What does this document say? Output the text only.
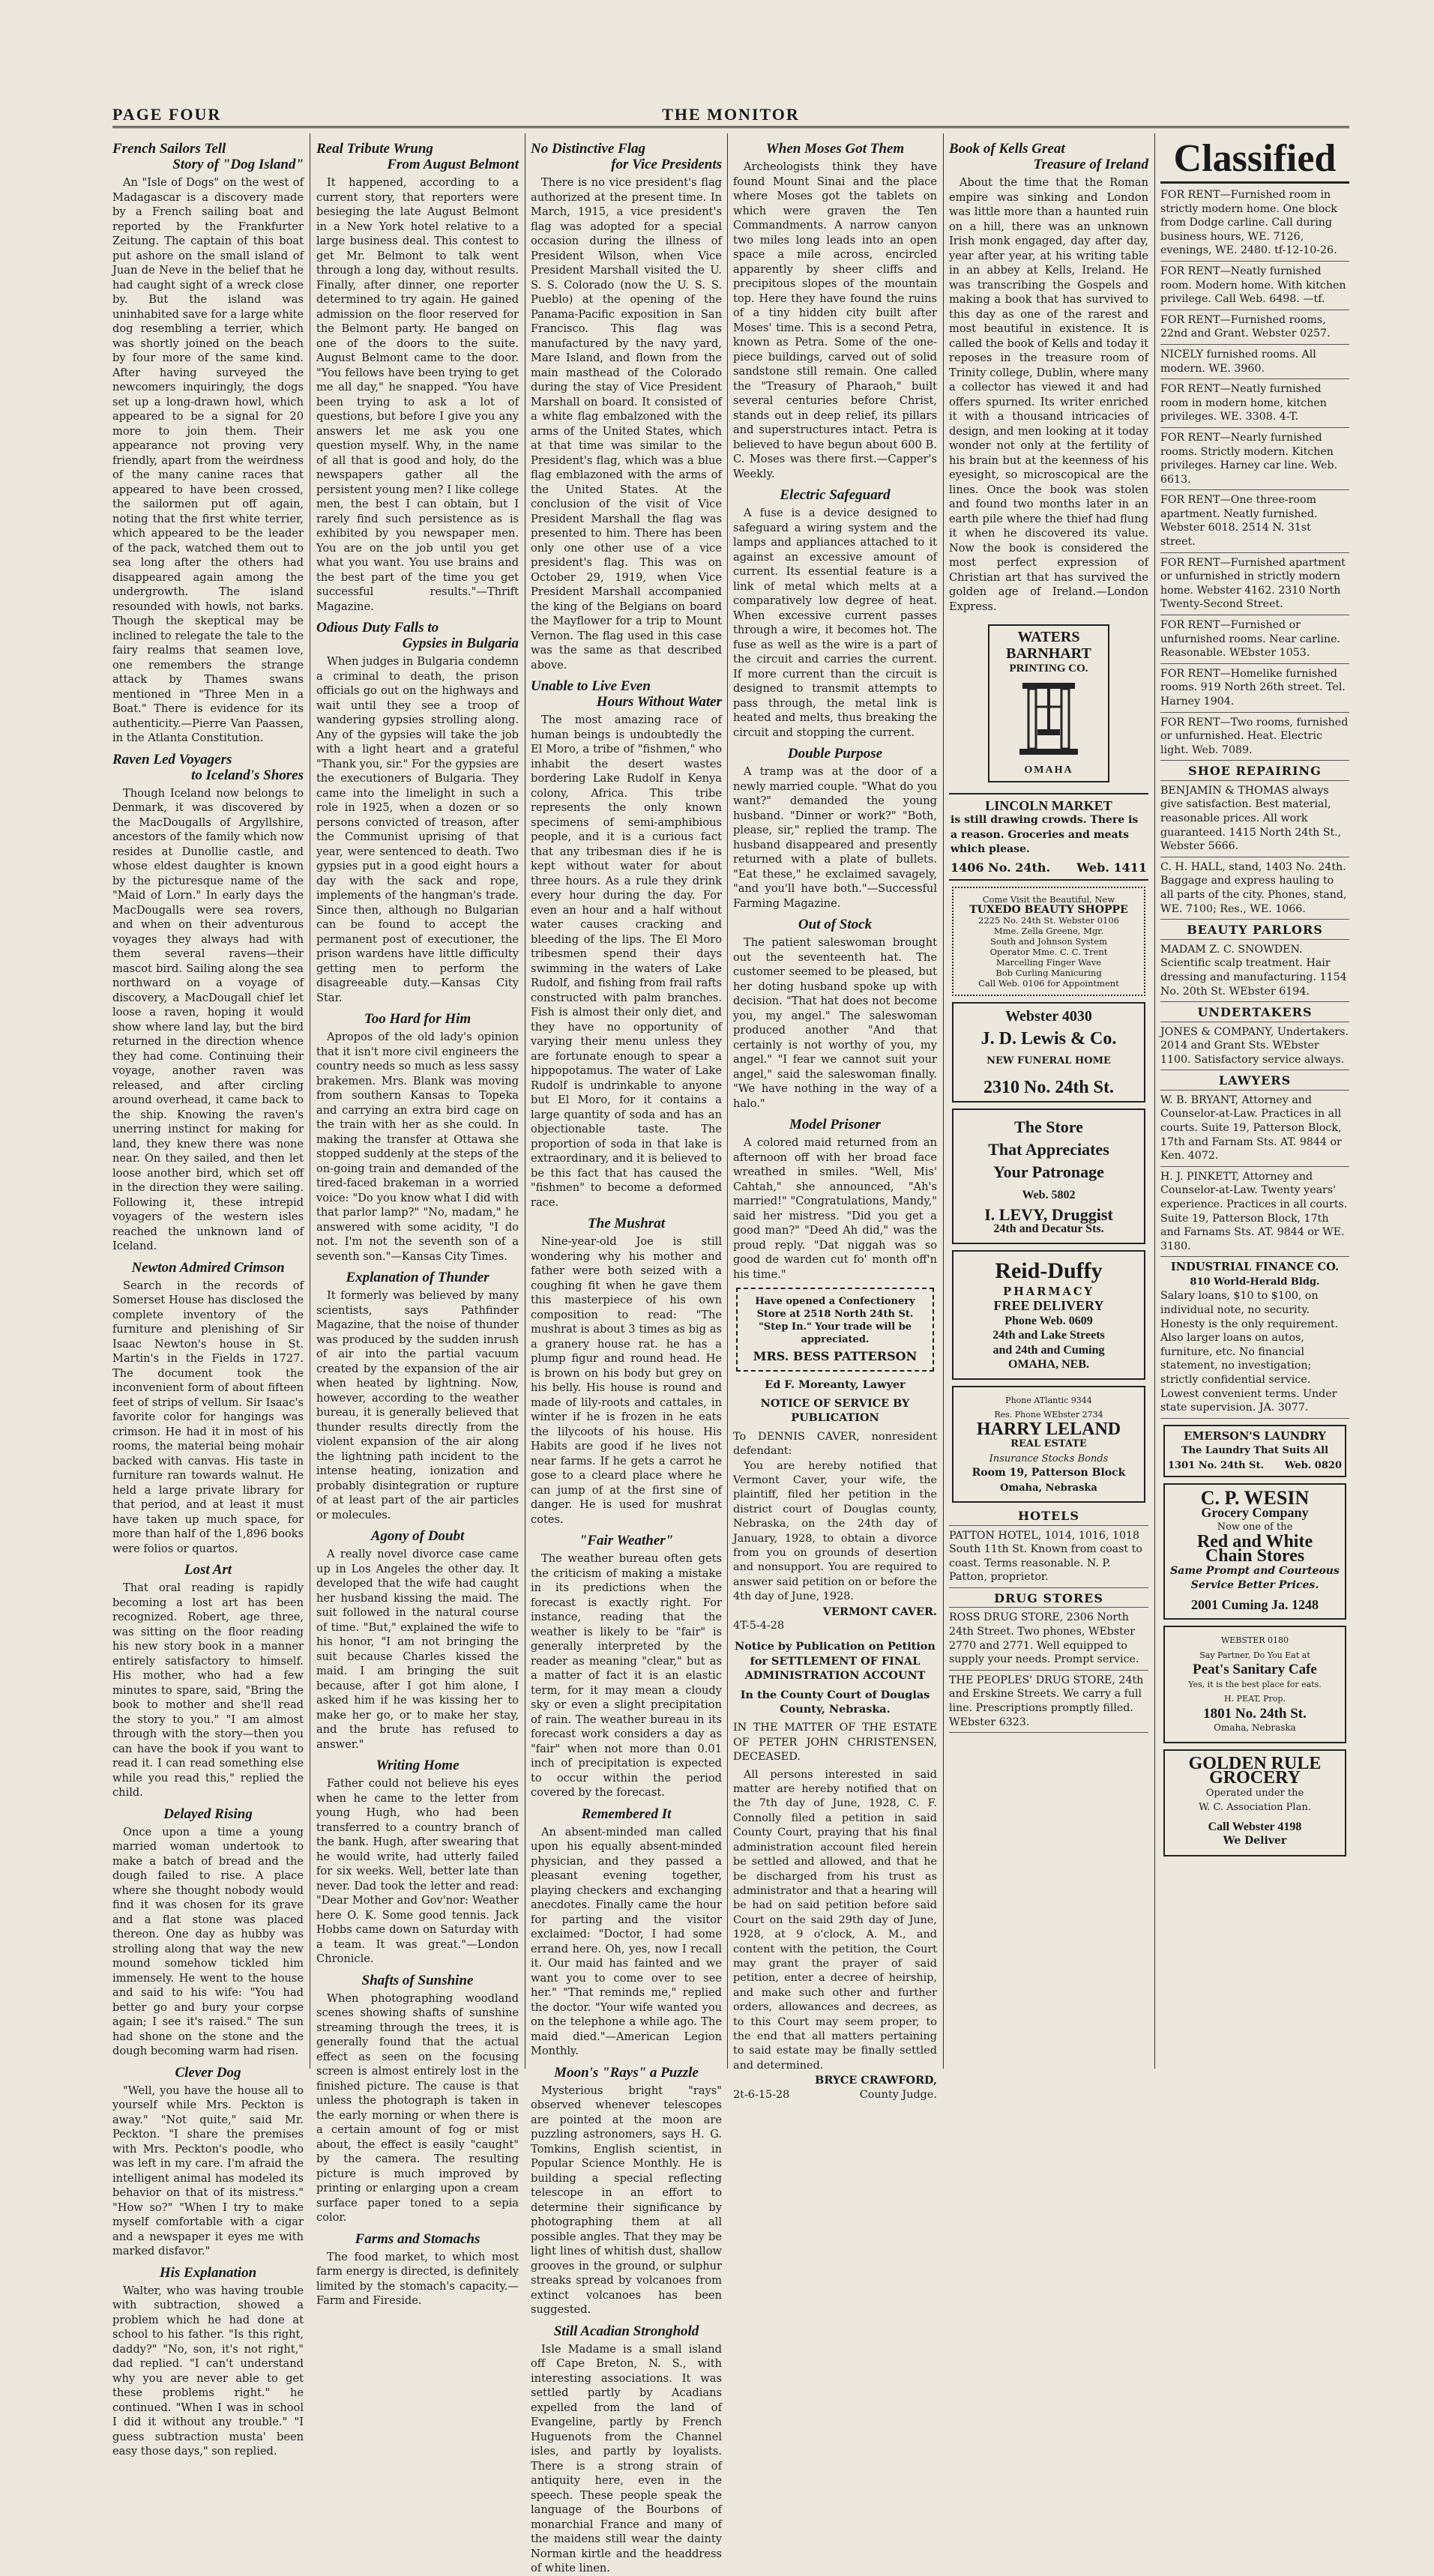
PAGE FOUR	THE MONITOR
French Sailors Tell
Story of "Dog Island"

An "Isle of Dogs" on the west of Madagascar is a discovery made by a French sailing boat and reported by the Frankfurter Zeitung. The captain of this boat put ashore on the small island of Juan de Neve in the belief that he had caught sight of a wreck close by. But the island was uninhabited save for a large white dog resembling a terrier, which was shortly joined on the beach by four more of the same kind. After having surveyed the newcomers inquiringly, the dogs set up a long-drawn howl, which appeared to be a signal for 20 more to join them. Their appearance not proving very friendly, apart from the weirdness of the many canine races that appeared to have been crossed, the sailormen put off again, noting that the first white terrier, which appeared to be the leader of the pack, watched them out to sea long after the others had disappeared again among the undergrowth. The island resounded with howls, not barks. Though the skeptical may be inclined to relegate the tale to the fairy realms that seamen love, one remembers the strange attack by Thames swans mentioned in "Three Men in a Boat." There is evidence for its authenticity.—Pierre Van Paassen, in the Atlanta Constitution.

Raven Led Voyagers
to Iceland's Shores

Though Iceland now belongs to Denmark, it was discovered by the MacDougalls of Argyllshire, ancestors of the family which now resides at Dunollie castle, and whose eldest daughter is known by the picturesque name of the "Maid of Lorn." In early days the MacDougalls were sea rovers, and when on their adventurous voyages they always had with them several ravens—their mascot bird. Sailing along the sea northward on a voyage of discovery, a MacDougall chief let loose a raven, hoping it would show where land lay, but the bird returned in the direction whence they had come. Continuing their voyage, another raven was released, and after circling around overhead, it came back to the ship. Knowing the raven's unerring instinct for making for land, they knew there was none near. On they sailed, and then let loose another bird, which set off in the direction they were sailing. Following it, these intrepid voyagers of the western isles reached the unknown land of Iceland.

Newton Admired Crimson

Search in the records of Somerset House has disclosed the complete inventory of the furniture and plenishing of Sir Isaac Newton's house in St. Martin's in the Fields in 1727. The document took the inconvenient form of about fifteen feet of strips of vellum. Sir Isaac's favorite color for hangings was crimson. He had it in most of his rooms, the material being mohair backed with canvas. His taste in furniture ran towards walnut. He held a large private library for that period, and at least it must have taken up much space, for more than half of the 1,896 books were folios or quartos.

Lost Art

That oral reading is rapidly becoming a lost art has been recognized. Robert, age three, was sitting on the floor reading his new story book in a manner entirely satisfactory to himself. His mother, who had a few minutes to spare, said, "Bring the book to mother and she'll read the story to you." "I am almost through with the story—then you can have the book if you want to read it. I can read something else while you read this," replied the child.

Delayed Rising

Once upon a time a young married woman undertook to make a batch of bread and the dough failed to rise. A place where she thought nobody would find it was chosen for its grave and a flat stone was placed thereon. One day as hubby was strolling along that way the new mound somehow tickled him immensely. He went to the house and said to his wife: "You had better go and bury your corpse again; I see it's raised." The sun had shone on the stone and the dough becoming warm had risen.

Clever Dog

"Well, you have the house all to yourself while Mrs. Peckton is away." "Not quite," said Mr. Peckton. "I share the premises with Mrs. Peckton's poodle, who was left in my care. I'm afraid the intelligent animal has modeled its behavior on that of its mistress." "How so?" "When I try to make myself comfortable with a cigar and a newspaper it eyes me with marked disfavor."

His Explanation

Walter, who was having trouble with subtraction, showed a problem which he had done at school to his father. "Is this right, daddy?" "No, son, it's not right," dad replied. "I can't understand why you are never able to get these problems right." he continued. "When I was in school I did it without any trouble." "I guess subtraction musta' been easy those days," son replied.

Real Tribute Wrung
From August Belmont

It happened, according to a current story, that reporters were besieging the late August Belmont in a New York hotel relative to a large business deal. This contest to get Mr. Belmont to talk went through a long day, without results. Finally, after dinner, one reporter determined to try again. He gained admission on the floor reserved for the Belmont party. He banged on one of the doors to the suite. August Belmont came to the door. "You fellows have been trying to get me all day," he snapped. "You have been trying to ask a lot of questions, but before I give you any answers let me ask you one question myself. Why, in the name of all that is good and holy, do the newspapers gather all the persistent young men? I like college men, the best I can obtain, but I rarely find such persistence as is exhibited by you newspaper men. You are on the job until you get what you want. You use brains and the best part of the time you get successful results."—Thrift Magazine.

Odious Duty Falls to
Gypsies in Bulgaria

When judges in Bulgaria condemn a criminal to death, the prison officials go out on the highways and wait until they see a troop of wandering gypsies strolling along. Any of the gypsies will take the job with a light heart and a grateful "Thank you, sir." For the gypsies are the executioners of Bulgaria. They came into the limelight in such a role in 1925, when a dozen or so persons convicted of treason, after the Communist uprising of that year, were sentenced to death. Two gypsies put in a good eight hours a day with the sack and rope, implements of the hangman's trade. Since then, although no Bulgarian can be found to accept the permanent post of executioner, the prison wardens have little difficulty getting men to perform the disagreeable duty.—Kansas City Star.

Too Hard for Him

Apropos of the old lady's opinion that it isn't more civil engineers the country needs so much as less sassy brakemen. Mrs. Blank was moving from southern Kansas to Topeka and carrying an extra bird cage on the train with her as she could. In making the transfer at Ottawa she stopped suddenly at the steps of the on-going train and demanded of the tired-faced brakeman in a worried voice: "Do you know what I did with that parlor lamp?" "No, madam," he answered with some acidity, "I do not. I'm not the seventh son of a seventh son."—Kansas City Times.

Explanation of Thunder

It formerly was believed by many scientists, says Pathfinder Magazine, that the noise of thunder was produced by the sudden inrush of air into the partial vacuum created by the expansion of the air when heated by lightning. Now, however, according to the weather bureau, it is generally believed that thunder results directly from the violent expansion of the air along the lightning path incident to the intense heating, ionization and probably disintegration or rupture of at least part of the air particles or molecules.

Agony of Doubt

A really novel divorce case came up in Los Angeles the other day. It developed that the wife had caught her husband kissing the maid. The suit followed in the natural course of time. "But," explained the wife to his honor, "I am not bringing the suit because Charles kissed the maid. I am bringing the suit because, after I got him alone, I asked him if he was kissing her to make her go, or to make her stay, and the brute has refused to answer."

Writing Home

Father could not believe his eyes when he came to the letter from young Hugh, who had been transferred to a country branch of the bank. Hugh, after swearing that he would write, had utterly failed for six weeks. Well, better late than never. Dad took the letter and read: "Dear Mother and Gov'nor: Weather here O. K. Some good tennis. Jack Hobbs came down on Saturday with a team. It was great."—London Chronicle.

Shafts of Sunshine

When photographing woodland scenes showing shafts of sunshine streaming through the trees, it is generally found that the actual effect as seen on the focusing screen is almost entirely lost in the finished picture. The cause is that unless the photograph is taken in the early morning or when there is a certain amount of fog or mist about, the effect is easily "caught" by the camera. The resulting picture is much improved by printing or enlarging upon a cream surface paper toned to a sepia color.

Farms and Stomachs

The food market, to which most farm energy is directed, is definitely limited by the stomach's capacity.—Farm and Fireside.

No Distinctive Flag
for Vice Presidents

There is no vice president's flag authorized at the present time. In March, 1915, a vice president's flag was adopted for a special occasion during the illness of President Wilson, when Vice President Marshall visited the U. S. S. Colorado (now the U. S. S. Pueblo) at the opening of the Panama-Pacific exposition in San Francisco. This flag was manufactured by the navy yard, Mare Island, and flown from the main masthead of the Colorado during the stay of Vice President Marshall on board. It consisted of a white flag embalzoned with the arms of the United States, which at that time was similar to the President's flag, which was a blue flag emblazoned with the arms of the United States. At the conclusion of the visit of Vice President Marshall the flag was presented to him. There has been only one other use of a vice president's flag. This was on October 29, 1919, when Vice President Marshall accompanied the king of the Belgians on board the Mayflower for a trip to Mount Vernon. The flag used in this case was the same as that described above.

Unable to Live Even
Hours Without Water

The most amazing race of human beings is undoubtedly the El Moro, a tribe of "fishmen," who inhabit the desert wastes bordering Lake Rudolf in Kenya colony, Africa. This tribe represents the only known specimens of semi-amphibious people, and it is a curious fact that any tribesman dies if he is kept without water for about three hours. As a rule they drink every hour during the day. For even an hour and a half without water causes cracking and bleeding of the lips. The El Moro tribesmen spend their days swimming in the waters of Lake Rudolf, and fishing from frail rafts constructed with palm branches. Fish is almost their only diet, and they have no opportunity of varying their menu unless they are fortunate enough to spear a hippopotamus. The water of Lake Rudolf is undrinkable to anyone but El Moro, for it contains a large quantity of soda and has an objectionable taste. The proportion of soda in that lake is extraordinary, and it is believed to be this fact that has caused the "fishmen" to become a deformed race.

The Mushrat

Nine-year-old Joe is still wondering why his mother and father were both seized with a coughing fit when he gave them this masterpiece of his own composition to read: "The mushrat is about 3 times as big as a granery house rat. he has a plump figur and round head. He is brown on his body but grey on his belly. His house is round and made of lily-roots and cattales, in winter if he is frozen in he eats the lilycoots of his house. His Habits are good if he lives not near farms. If he gets a carrot he gose to a cleard place where he can jump of at the first sine of danger. He is used for mushrat cotes.

"Fair Weather"

The weather bureau often gets the criticism of making a mistake in its predictions when the forecast is exactly right. For instance, reading that the weather is likely to be "fair" is generally interpreted by the reader as meaning "clear," but as a matter of fact it is an elastic term, for it may mean a cloudy sky or even a slight precipitation of rain. The weather bureau in its forecast work considers a day as "fair" when not more than 0.01 inch of precipitation is expected to occur within the period covered by the forecast.

Remembered It

An absent-minded man called upon his equally absent-minded physician, and they passed a pleasant evening together, playing checkers and exchanging anecdotes. Finally came the hour for parting and the visitor exclaimed: "Doctor, I had some errand here. Oh, yes, now I recall it. Our maid has fainted and we want you to come over to see her." "That reminds me," replied the doctor. "Your wife wanted you on the telephone a while ago. The maid died."—American Legion Monthly.

Moon's "Rays" a Puzzle

Mysterious bright "rays" observed whenever telescopes are pointed at the moon are puzzling astronomers, says H. G. Tomkins, English scientist, in Popular Science Monthly. He is building a special reflecting telescope in an effort to determine their significance by photographing them at all possible angles. That they may be light lines of whitish dust, shallow grooves in the ground, or sulphur streaks spread by volcanoes from extinct volcanoes has been suggested.

Still Acadian Stronghold

Isle Madame is a small island off Cape Breton, N. S., with interesting associations. It was settled partly by Acadians expelled from the land of Evangeline, partly by French Huguenots from the Channel isles, and partly by loyalists. There is a strong strain of antiquity here, even in the speech. These people speak the language of the Bourbons of monarchial France and many of the maidens still wear the dainty Norman kirtle and the headdress of white linen.

When Moses Got Them

Archeologists think they have found Mount Sinai and the place where Moses got the tablets on which were graven the Ten Commandments. A narrow canyon two miles long leads into an open space a mile across, encircled apparently by sheer cliffs and precipitous slopes of the mountain top. Here they have found the ruins of a tiny hidden city built after Moses' time. This is a second Petra, known as Petra. Some of the one-piece buildings, carved out of solid sandstone still remain. One called the "Treasury of Pharaoh," built several centuries before Christ, stands out in deep relief, its pillars and superstructures intact. Petra is believed to have begun about 600 B. C. Moses was there first.—Capper's Weekly.

Electric Safeguard

A fuse is a device designed to safeguard a wiring system and the lamps and appliances attached to it against an excessive amount of current. Its essential feature is a link of metal which melts at a comparatively low degree of heat. When excessive current passes through a wire, it becomes hot. The fuse as well as the wire is a part of the circuit and carries the current. If more current than the circuit is designed to transmit attempts to pass through, the metal link is heated and melts, thus breaking the circuit and stopping the current.

Double Purpose

A tramp was at the door of a newly married couple. "What do you want?" demanded the young husband. "Dinner or work?" "Both, please, sir," replied the tramp. The husband disappeared and presently returned with a plate of bullets. "Eat these," he exclaimed savagely, "and you'll have both."—Successful Farming Magazine.

Out of Stock

The patient saleswoman brought out the seventeenth hat. The customer seemed to be pleased, but her doting husband spoke up with decision. "That hat does not become you, my angel." The saleswoman produced another "And that certainly is not worthy of you, my angel." "I fear we cannot suit your angel," said the saleswoman finally. "We have nothing in the way of a halo."

Model Prisoner

A colored maid returned from an afternoon off with her broad face wreathed in smiles. "Well, Mis' Cahtah," she announced, "Ah's married!" "Congratulations, Mandy," said her mistress. "Did you get a good man?" "Deed Ah did," was the proud reply. "Dat niggah was so good de warden cut fo' month off'n his time."

Have opened a Confectionery Store at 2518 North 24th St. "Step In." Your trade will be appreciated.
MRS. BESS PATTERSON
Ed F. Moreanty, Lawyer
NOTICE OF SERVICE BY PUBLICATION
To DENNIS CAVER, nonresident defendant:

You are hereby notified that Vermont Caver, your wife, the plaintiff, filed her petition in the district court of Douglas county, Nebraska, on the 24th day of January, 1928, to obtain a divorce from you on grounds of desertion and nonsupport. You are required to answer said petition on or before the 4th day of June, 1928.

VERMONT CAVER.
4T-5-4-28
Notice by Publication on Petition for SETTLEMENT OF FINAL ADMINISTRATION ACCOUNT
In the County Court of Douglas County, Nebraska.
IN THE MATTER OF THE ESTATE OF PETER JOHN CHRISTENSEN, DECEASED.

All persons interested in said matter are hereby notified that on the 7th day of June, 1928, C. F. Connolly filed a petition in said County Court, praying that his final administration account filed herein be settled and allowed, and that he be discharged from his trust as administrator and that a hearing will be had on said petition before said Court on the said 29th day of June, 1928, at 9 o'clock, A. M., and content with the petition, the Court may grant the prayer of said petition, enter a decree of heirship, and make such other and further orders, allowances and decrees, as to this Court may seem proper, to the end that all matters pertaining to said estate may be finally settled and determined.

BRYCE CRAWFORD,
2t-6-15-28	County Judge.
Book of Kells Great
Treasure of Ireland

About the time that the Roman empire was sinking and London was little more than a haunted ruin on a hill, there was an unknown Irish monk engaged, day after day, year after year, at his writing table in an abbey at Kells, Ireland. He was transcribing the Gospels and making a book that has survived to this day as one of the rarest and most beautiful in existence. It is called the book of Kells and today it reposes in the treasure room of Trinity college, Dublin, where many a collector has viewed it and had offers spurned. Its writer enriched it with a thousand intricacies of design, and men looking at it today wonder not only at the fertility of his brain but at the keenness of his eyesight, so microscopical are the lines. Once the book was stolen and found two months later in an earth pile where the thief had flung it when he discovered its value. Now the book is considered the most perfect expression of Christian art that has survived the golden age of Ireland.—London Express.

WATERS
BARNHART
PRINTING CO.
OMAHA
LINCOLN MARKET
is still drawing crowds. There is a reason. Groceries and meats which please.
1406 No. 24th. Web. 1411
Come Visit the Beautiful, New
TUXEDO BEAUTY SHOPPE
2225 No. 24th St. Webster 0106
Mme. Zella Greene, Mgr.
South and Johnson System
Operator Mme. C. C. Trent
Marcelling Finger Wave
Bob Curling Manicuring
Call Web. 0106 for Appointment
Webster 4030
J. D. Lewis & Co.
NEW FUNERAL HOME
2310 No. 24th St.
The Store
That Appreciates
Your Patronage
Web. 5802
I. LEVY, Druggist
24th and Decatur Sts.
Reid-Duffy
PHARMACY
FREE DELIVERY
Phone Web. 0609
24th and Lake Streets
and 24th and Cuming
OMAHA, NEB.
Phone ATlantic 9344
Res. Phone WEbster 2734
HARRY LELAND
REAL ESTATE
Insurance Stocks Bonds
Room 19, Patterson Block
Omaha, Nebraska
HOTELS
PATTON HOTEL, 1014, 1016, 1018 South 11th St. Known from coast to coast. Terms reasonable. N. P. Patton, proprietor.
DRUG STORES
ROSS DRUG STORE, 2306 North 24th Street. Two phones, WEbster 2770 and 2771. Well equipped to supply your needs. Prompt service.
THE PEOPLES' DRUG STORE, 24th and Erskine Streets. We carry a full line. Prescriptions promptly filled. WEbster 6323.
Classified
FOR RENT—Furnished room in strictly modern home. One block from Dodge carline. Call during business hours, WE. 7126, evenings, WE. 2480. tf-12-10-26.
FOR RENT—Neatly furnished room. Modern home. With kitchen privilege. Call Web. 6498. —tf.
FOR RENT—Furnished rooms, 22nd and Grant. Webster 0257.
NICELY furnished rooms. All modern. WE. 3960.
FOR RENT—Neatly furnished room in modern home, kitchen privileges. WE. 3308. 4-T.
FOR RENT—Nearly furnished rooms. Strictly modern. Kitchen privileges. Harney car line. Web. 6613.
FOR RENT—One three-room apartment. Neatly furnished. Webster 6018. 2514 N. 31st street.
FOR RENT—Furnished apartment or unfurnished in strictly modern home. Webster 4162. 2310 North Twenty-Second Street.
FOR RENT—Furnished or unfurnished rooms. Near carline. Reasonable. WEbster 1053.
FOR RENT—Homelike furnished rooms. 919 North 26th street. Tel. Harney 1904.
FOR RENT—Two rooms, furnished or unfurnished. Heat. Electric light. Web. 7089.
SHOE REPAIRING
BENJAMIN & THOMAS always give satisfaction. Best material, reasonable prices. All work guaranteed. 1415 North 24th St., Webster 5666.
C. H. HALL, stand, 1403 No. 24th. Baggage and express hauling to all parts of the city. Phones, stand, WE. 7100; Res., WE. 1066.
BEAUTY PARLORS
MADAM Z. C. SNOWDEN. Scientific scalp treatment. Hair dressing and manufacturing. 1154 No. 20th St. WEbster 6194.
UNDERTAKERS
JONES & COMPANY, Undertakers. 2014 and Grant Sts. WEbster 1100. Satisfactory service always.
LAWYERS
W. B. BRYANT, Attorney and Counselor-at-Law. Practices in all courts. Suite 19, Patterson Block, 17th and Farnam Sts. AT. 9844 or Ken. 4072.
H. J. PINKETT, Attorney and Counselor-at-Law. Twenty years' experience. Practices in all courts. Suite 19, Patterson Block, 17th and Farnams Sts. AT. 9844 or WE. 3180.
INDUSTRIAL FINANCE CO.
810 World-Herald Bldg.
Salary loans, $10 to $100, on individual note, no security. Honesty is the only requirement. Also larger loans on autos, furniture, etc. No financial statement, no investigation; strictly confidential service. Lowest convenient terms. Under state supervision. JA. 3077.
EMERSON'S LAUNDRY
The Laundry That Suits All
1301 No. 24th St. Web. 0820
C. P. WESIN
Grocery Company
Now one of the
Red and White
Chain Stores
Same Prompt and Courteous Service Better Prices.
2001 Cuming Ja. 1248
WEBSTER 0180
Say Partner, Do You Eat at
Peat's Sanitary Cafe
Yes, it is the best place for eats.
H. PEAT, Prop.
1801 No. 24th St.
Omaha, Nebraska
GOLDEN RULE
GROCERY
Operated under the
W. C. Association Plan.
Call Webster 4198
We Deliver
